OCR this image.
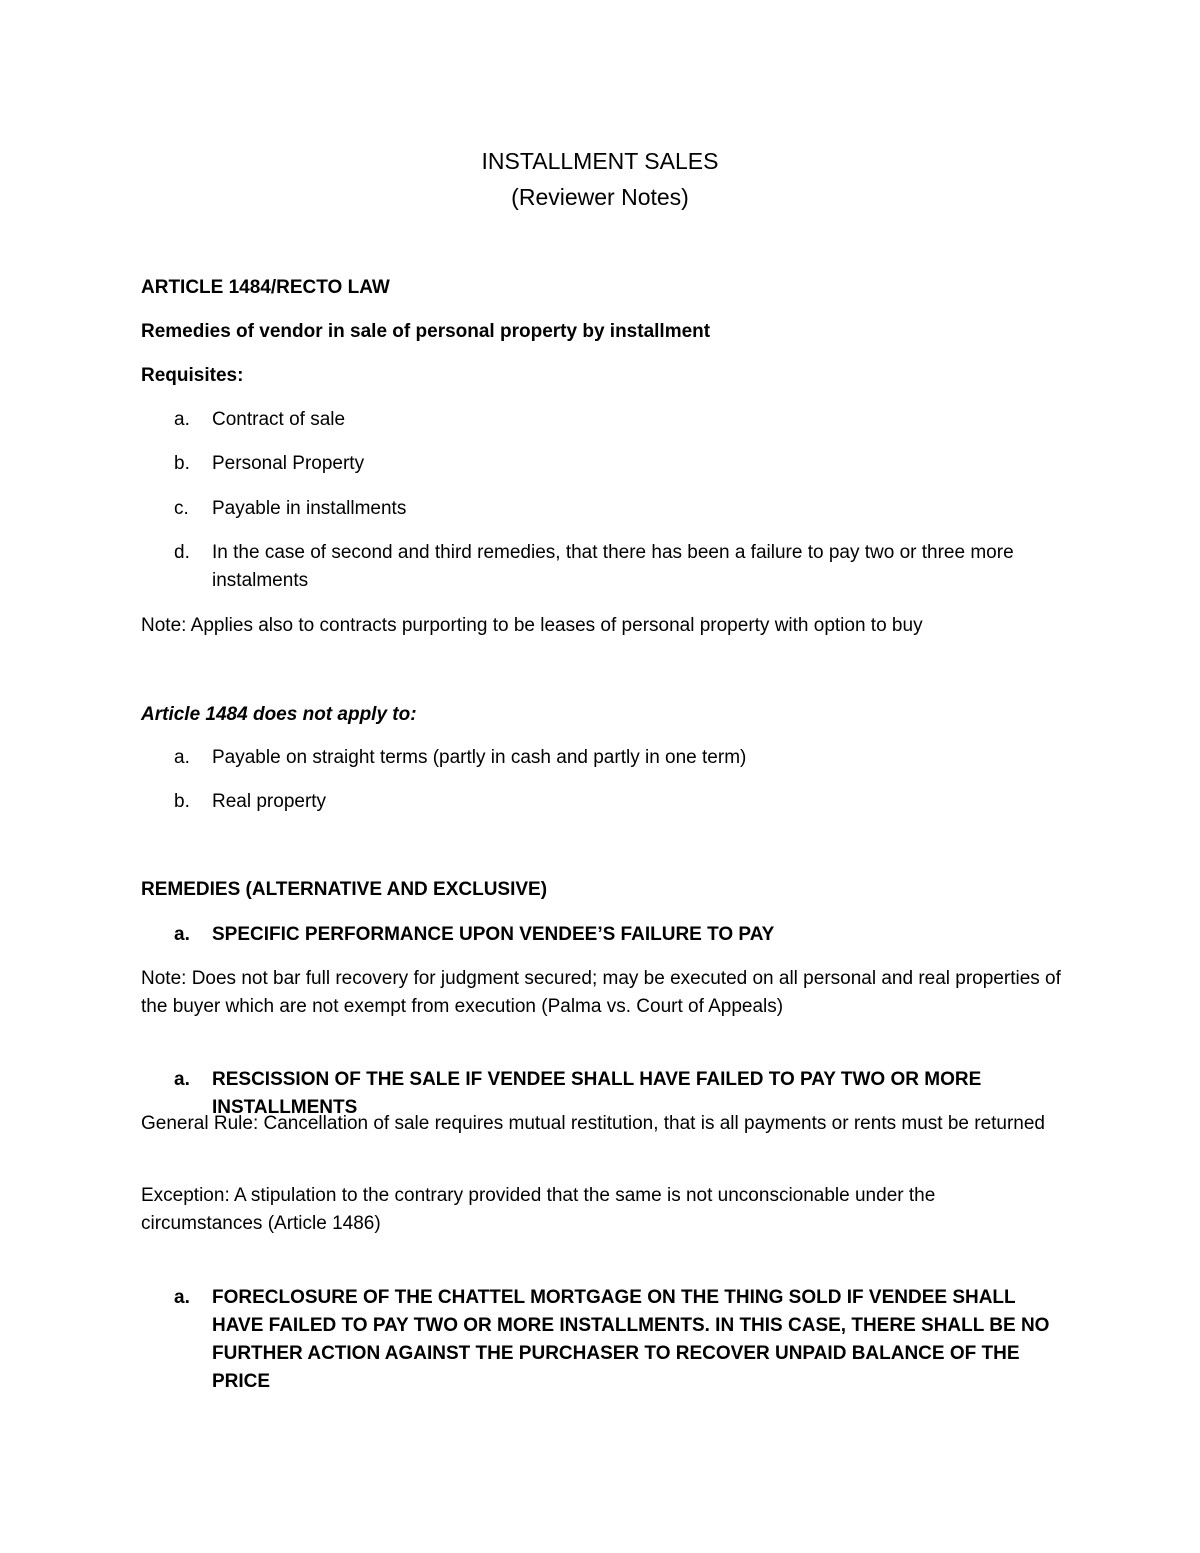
INSTALLMENT SALES
(Reviewer Notes)
ARTICLE 1484/RECTO LAW
Remedies of vendor in sale of personal property by installment
Requisites:
a.	Contract of sale
b.	Personal Property
c.	Payable in installments
d.	In the case of second and third remedies, that there has been a failure to pay two or three more instalments
Note: Applies also to contracts purporting to be leases of personal property with option to buy
Article 1484 does not apply to:
a.	Payable on straight terms (partly in cash and partly in one term)
b.	Real property
REMEDIES (ALTERNATIVE AND EXCLUSIVE)
a.	SPECIFIC PERFORMANCE UPON VENDEE’S FAILURE TO PAY
Note: Does not bar full recovery for judgment secured; may be executed on all personal and real properties of the buyer which are not exempt from execution (Palma vs. Court of Appeals)
a.	RESCISSION OF THE SALE IF VENDEE SHALL HAVE FAILED TO PAY TWO OR MORE INSTALLMENTS
General Rule: Cancellation of sale requires mutual restitution, that is all payments or rents must be returned
Exception: A stipulation to the contrary provided that the same is not unconscionable under the circumstances (Article 1486)
a.	FORECLOSURE OF THE CHATTEL MORTGAGE ON THE THING SOLD IF VENDEE SHALL HAVE FAILED TO PAY TWO OR MORE INSTALLMENTS. IN THIS CASE, THERE SHALL BE NO FURTHER ACTION AGAINST THE PURCHASER TO RECOVER UNPAID BALANCE OF THE PRICE
